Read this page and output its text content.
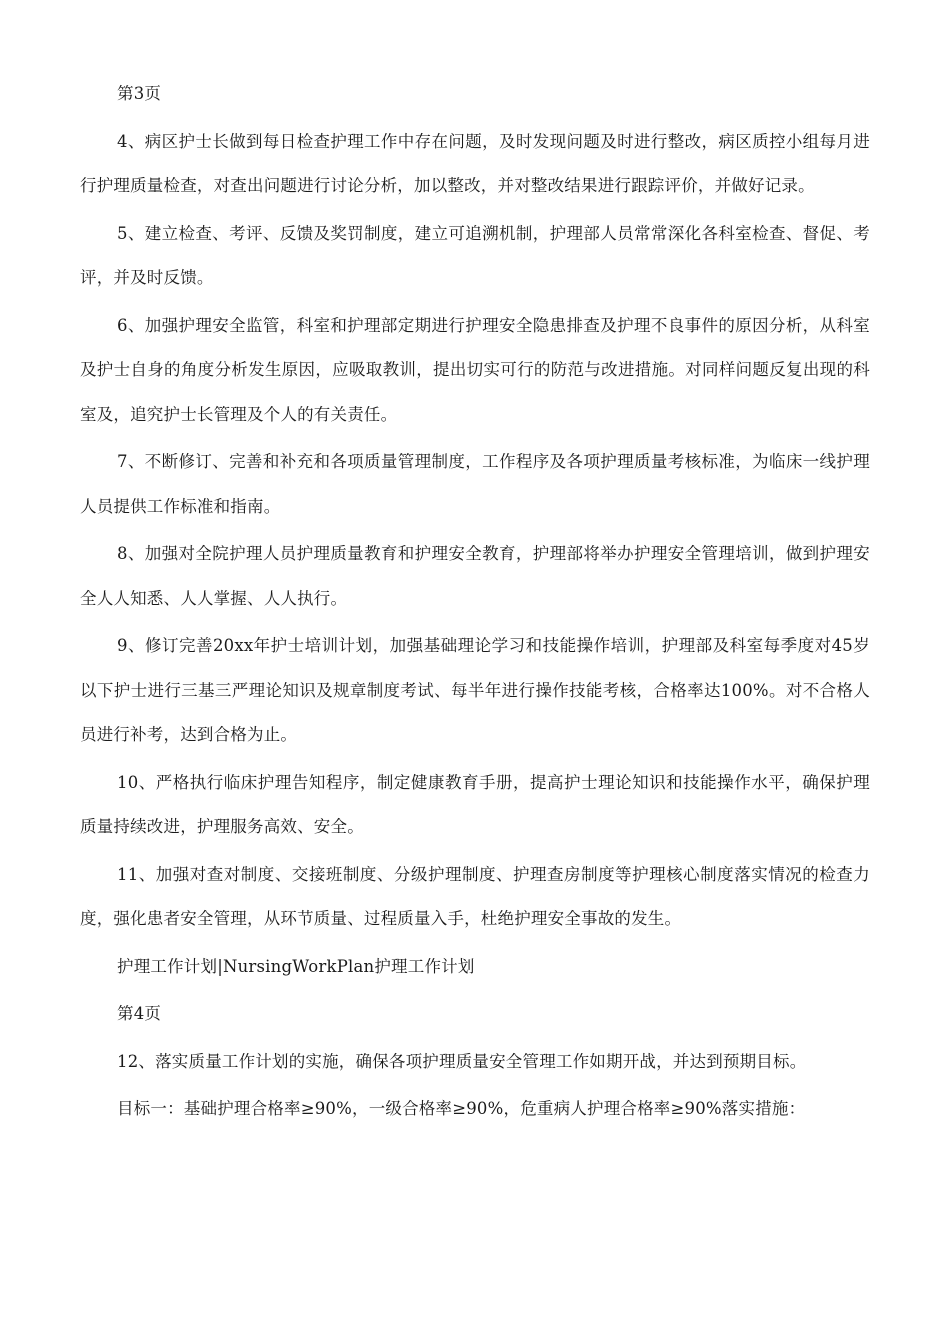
第3页

4、病区护士长做到每日检查护理工作中存在问题，及时发现问题及时进行整改，病区质控小组每月进行护理质量检查，对查出问题进行讨论分析，加以整改，并对整改结果进行跟踪评价，并做好记录。

5、建立检查、考评、反馈及奖罚制度，建立可追溯机制，护理部人员常常深化各科室检查、督促、考评，并及时反馈。

6、加强护理安全监管，科室和护理部定期进行护理安全隐患排查及护理不良事件的原因分析，从科室及护士自身的角度分析发生原因，应吸取教训，提出切实可行的防范与改进措施。对同样问题反复出现的科室及，追究护士长管理及个人的有关责任。

7、不断修订、完善和补充和各项质量管理制度，工作程序及各项护理质量考核标准，为临床一线护理人员提供工作标准和指南。

8、加强对全院护理人员护理质量教育和护理安全教育，护理部将举办护理安全管理培训，做到护理安全人人知悉、人人掌握、人人执行。

9、修订完善20xx年护士培训计划，加强基础理论学习和技能操作培训，护理部及科室每季度对45岁以下护士进行三基三严理论知识及规章制度考试、每半年进行操作技能考核，合格率达100%。对不合格人员进行补考，达到合格为止。

10、严格执行临床护理告知程序，制定健康教育手册，提高护士理论知识和技能操作水平，确保护理质量持续改进，护理服务高效、安全。

11、加强对查对制度、交接班制度、分级护理制度、护理查房制度等护理核心制度落实情况的检查力度，强化患者安全管理，从环节质量、过程质量入手，杜绝护理安全事故的发生。

护理工作计划|NursingWorkPlan护理工作计划

第4页

12、落实质量工作计划的实施，确保各项护理质量安全管理工作如期开战，并达到预期目标。

目标一：基础护理合格率≥90%，一级合格率≥90%，危重病人护理合格率≥90%落实措施：
